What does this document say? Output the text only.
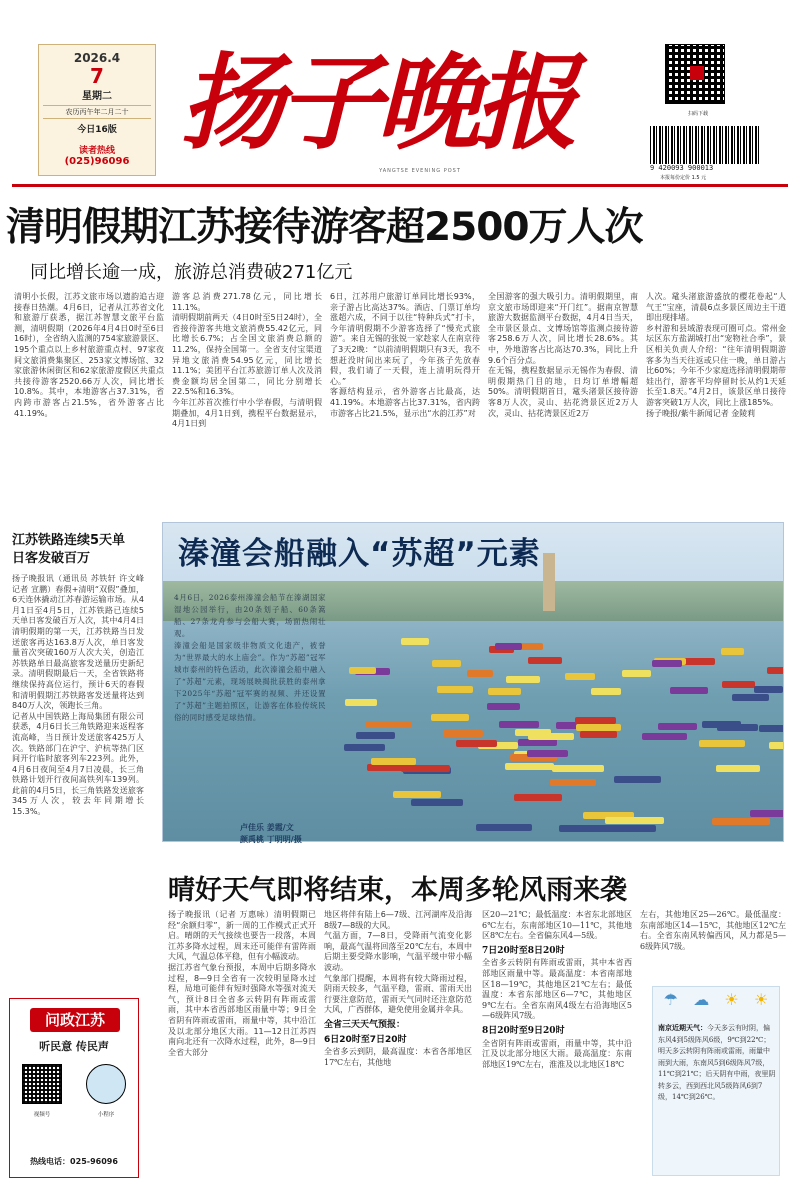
2026.4
7
星期二
农历丙午年二月二十
今日16版
读者热线
(025)96096 扬子晚报
YANGTSE EVENING POST
扫码下载
9 420093 900013
本报每份定价 1.5 元
清明假期江苏接待游客超2500万人次
同比增长逾一成，旅游总消费破271亿元
清明小长假，江苏文旅市场以遗韵追古迎接春日热潮。4月6日，记者从江苏省文化和旅游厅获悉，据江苏智慧文旅平台监测，清明假期（2026年4月4日0时至6日16时），全省纳入监测的754家旅游景区、195个重点以上乡村旅游重点村、97家夜间文旅消费集聚区、253家文博场馆、32家旅游休闲街区和62家旅游度假区共重点共接待游客2520.66万人次，同比增长10.8%。其中，本地游客占37.31%，省内跨市游客占21.5%，省外游客占比41.19%。
游客总消费271.78亿元，同比增长11.1%。
清明假期前两天（4日0时至5日24时），全省接待游客共地文旅消费55.42亿元，同比增长6.7%；占全国文旅消费总额的11.2%，保持全国第一。全省支付宝渠道异地文旅消费54.95亿元，同比增长11.1%；美团平台江苏旅游订单人次及消费金额均居全国第二，同比分别增长22.5%和16.3%。
今年江苏首次推行中小学春假，与清明假期叠加，4月1日到，携程平台数据显示，4月1日到
6日，江苏用户旅游订单同比增长93%，亲子游占比高达37%。酒店、门票订单均涨超六成，不同于以往“特种兵式”打卡，今年清明假期不少游客选择了“慢充式旅游”。来自无锡的张锐一家趁家人在南京待了3天2晚：“以前清明假期只有3天，我不想赶没时间出来玩了，今年孩子先放春假，我们请了一天假，连上清明玩得开心。”
客源结构显示，省外游客占比最高，达41.19%。本地游客占比37.31%，省内跨市游客占比21.5%，显示出“水韵江苏”对
全国游客的强大吸引力。清明假期里，南京文旅市场即迎来“开门红”。据南京智慧旅游大数据监测平台数据，4月4日当天，全市景区景点、文博场馆等监测点接待游客258.6万人次，同比增长28.6%。其中，外地游客占比高达70.3%，同比上升9.6个百分点。
在无锡，携程数据显示无锡作为春假、清明假期热门目的地，日均订单增幅超50%。清明假期首日，鼋头渚景区接待游客8万人次，灵山、拈花湾景区近2万人次，灵山、拈花湾景区近2万
人次。鼋头渚旅游盛放的樱花卷起“人气王”宝座，清晨6点多景区周边主干道即出现排堵。
乡村游和县域游表现可圈可点。常州金坛区东方盐湖城打出“宠物社合季”，景区相关负责人介绍：“往年清明假期游客多为当天往返或只住一晚，单日游占比60%；今年不少家庭选择清明假期带娃出行，游客平均停留时长从约1天延长至1.8天。”4月2日，该景区单日接待游客突破1万人次，同比上涨185%。
扬子晚报/紫牛新闻记者 金陵莉
江苏铁路连续5天单日客发破百万
扬子晚报讯（通讯员 苏铁轩 许文峰 记者 宣鹏）春假+清明“双假”叠加，6天连休撬动江苏春游运输市场。从4月1日至4月5日，江苏铁路已连续5天单日客发破百万人次，其中4月4日清明假期的第一天，江苏铁路当日发送旅客再达163.8万人次，单日客发量首次突破160万人次大关，创造江苏铁路单日最高旅客发送量历史新纪录。清明假期最后一天，全省铁路将继续保持高位运行，预计6天的春假和清明假期江苏铁路客发送量将达到840万人次，领跑长三角。
记者从中国铁路上海局集团有限公司获悉，4月6日长三角铁路迎来返程客流高峰，当日预计发送旅客425万人次。铁路部门在沪宁、沪杭等热门区间开行临时旅客列车223列。此外，4月6日夜间至4月7日凌晨，长三角铁路计划开行夜间高铁列车139列。此前的4月5日，长三角铁路发送旅客345万人次，较去年同期增长15.3%。
溱潼会船融入“苏超”元素
4月6日，2026泰州溱潼会船节在溱湖国家湿地公园举行，由20条划子船、60条篙船、27条龙舟参与会船大赛，场面热闹壮观。
溱潼会船是国家级非物质文化遗产，被誉为“世界最大的水上庙会”。作为“苏超”冠军城市泰州的特色活动，此次溱潼会船中融入了“苏超”元素，现场展映揭批获胜的泰州拿下2025年“苏超”冠军赛的视频、并还设置了“苏超”主题拍照区，让游客在体验传统民俗的同时感受足球热情。
卢佳乐 姜霞/文
颜禹桃 丁明明/摄
晴好天气即将结束，本周多轮风雨来袭
扬子晚报讯（记者 万惠咏）清明假期已经“余额归零”，新一周的工作模式正式开启。晴朗的天气接续也要告一段落，本周江苏多降水过程，周末还可能伴有雷阵雨大风，气温总体平稳，但有小幅波动。
据江苏省气象台预报，本周中后期多降水过程，8—9日全省有一次较明显降水过程，局地可能伴有短时强降水等强对流天气，预计8日全省多云转阴有阵雨或雷雨，其中本省西部地区雨量中等；9日全省阴有阵雨或雷雨，雨量中等，其中沿江及以北部分地区大雨。11—12日江苏四南向北还有一次降水过程，此外，8—9日全省大部分
地区将伴有陆上6—7级、江河湖库及沿海8级7—8级的大风。
气温方面，7—8日，受降雨气流变化影响，最高气温将回落至20℃左右，本周中后期主要受降水影响，气温平缓中带小幅波动。
气象部门提醒，本周将有较大降雨过程，阴雨天较多，气温平稳，雷雨、雷雨天出行要注意防范，雷雨天气同时还注意防范大风，广西群体，避免使用金属并伞具。
全省三天天气预报：
6日20时至7日20时
全省多云到阴，最高温度：本省各部地区17℃左右，其他地
区20—21℃；最低温度：本省东北部地区6℃左右，东南部地区10—11℃，其他地区8℃左右。全省偏东风4—5级。
7日20时至8日20时
全省多云转阴有阵雨或雷雨，其中本省西部地区雨量中等。最高温度：本省南部地区18—19℃，其他地区21℃左右；最低温度：本省东部地区6—7℃，其他地区9℃左右。全省东南风4级左右沿海地区5—6级阵风7级。
8日20时至9日20时
全省阴有阵雨或雷雨，雨量中等，其中沿江及以北部分地区大雨。最高温度：东南部地区19℃左右，淮淮及以北地区18℃
左右，其他地区25—26℃。最低温度：东南部地区14—15℃，其他地区12℃左右。全省东南风转偏西风，风力都是5—6级阵风7级。
☂ ☁ ☀ ☀
南京近期天气：今天多云有时阴，偏东风4到5级阵风6级，9℃到22℃；明天多云转阴有阵雨或雷雨，雨量中雨到大雨，东南风5到6级阵风7级，11℃到21℃；后天阴有中雨，夜里阴转多云，西到西北风5级阵风6到7级，14℃到26℃。
问政江苏
听民意 传民声
视频号	小程序
热线电话：025-96096
